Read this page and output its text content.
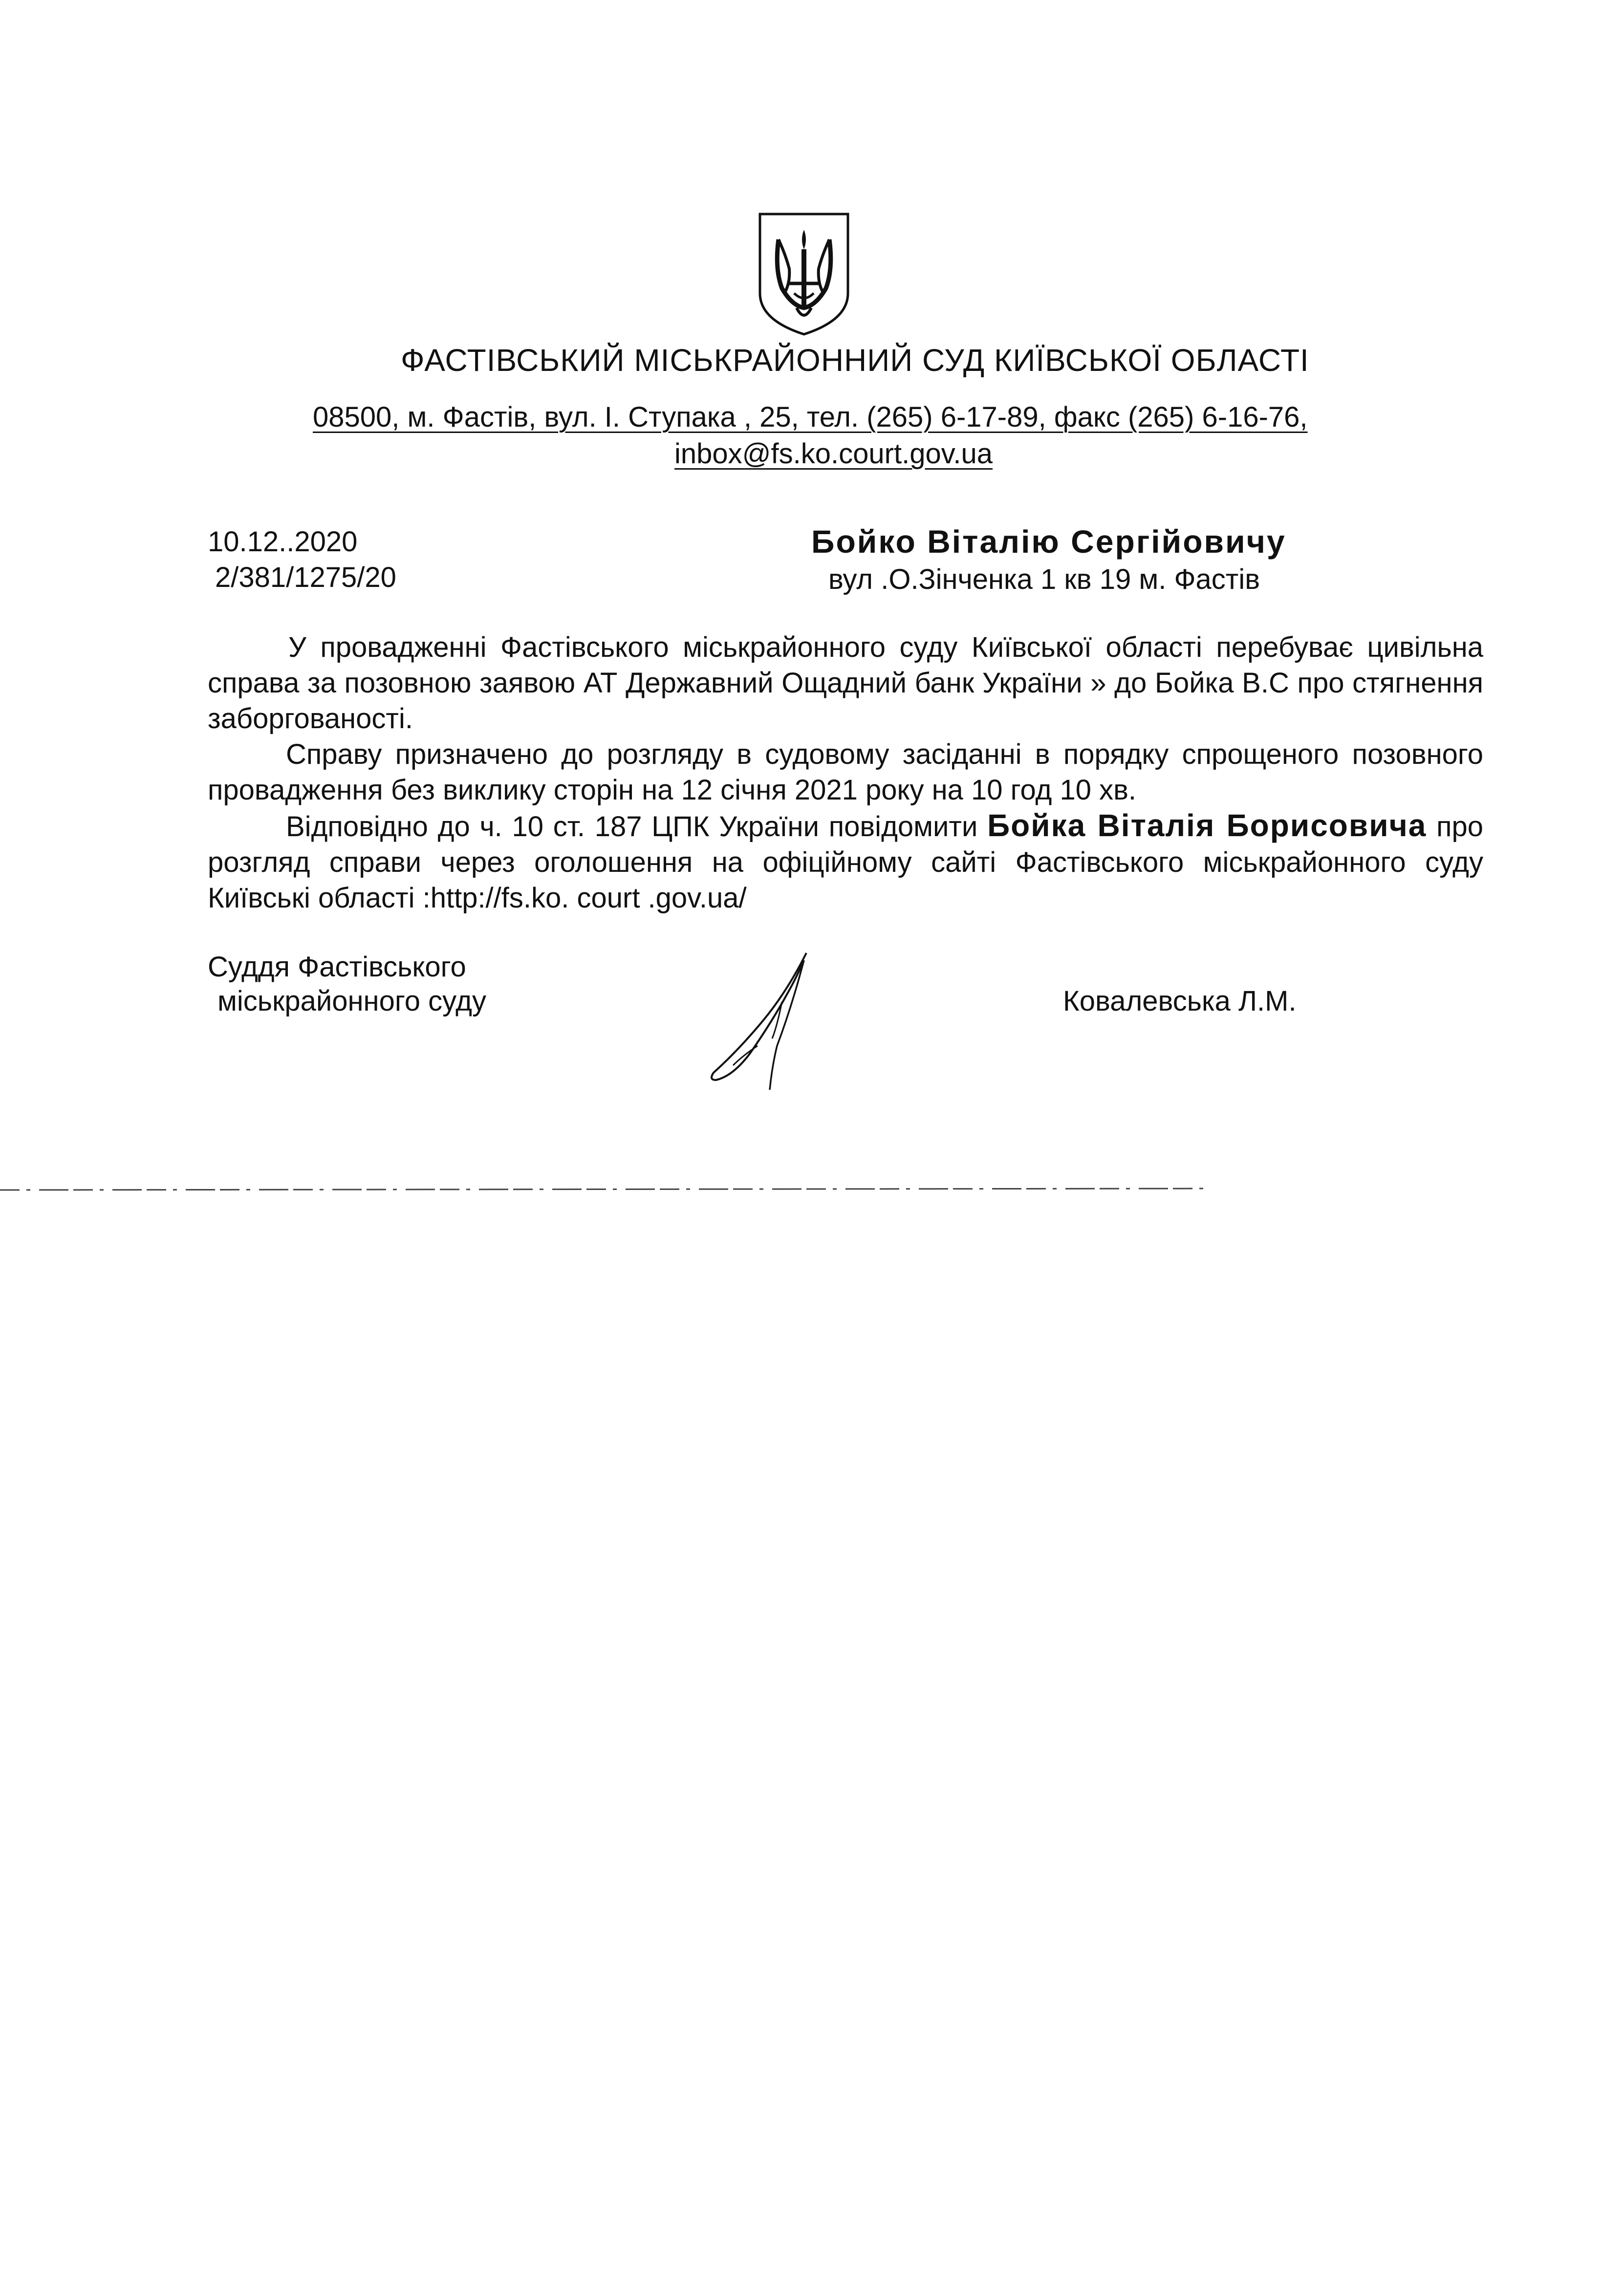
ФАСТІВСЬКИЙ МІСЬКРАЙОННИЙ СУД КИЇВСЬКОЇ ОБЛАСТІ
08500, м. Фастів, вул. І. Ступака , 25, тел. (265) 6-17-89, факс (265) 6-16-76,
inbox@fs.ko.court.gov.ua
10.12..2020
2/381/1275/20
Бойко Віталію Сергійовичу
вул .О.Зінченка 1 кв 19 м. Фастів

У провадженні Фастівського міськрайонного суду Київської області перебуває цивільна справа за позовною заявою АТ Державний Ощадний банк України » до Бойка В.С про стягнення заборгованості.

Справу призначено до розгляду в судовому засіданні в порядку спрощеного позовного провадження без виклику сторін на 12 січня 2021 року на 10 год 10 хв.

Відповідно до ч. 10 ст. 187 ЦПК України повідомити Бойка Віталія Борисовича про розгляд справи через оголошення на офіційному сайті Фастівського міськрайонного суду Київські області :http://fs.ko. court .gov.ua/

Суддя Фастівського
міськрайонного суду	Ковалевська Л.М.
